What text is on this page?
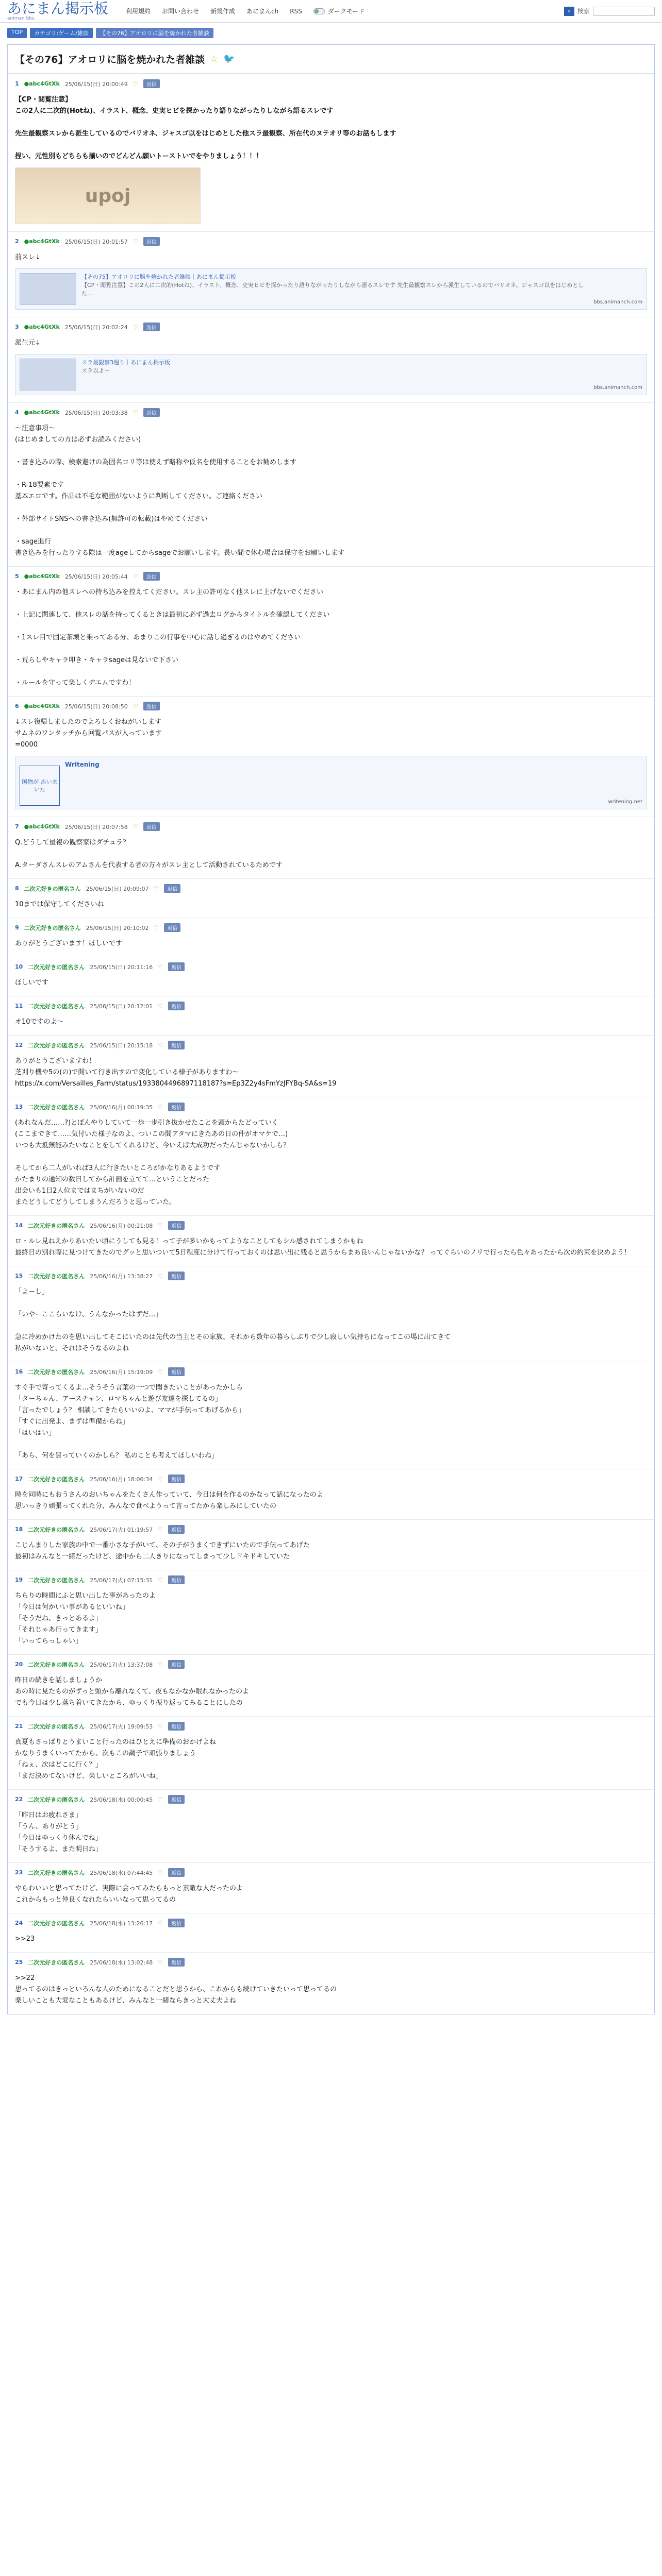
あにまん掲示板
animan bbs
利用規約 お問い合わせ 新規作成 あにまんch RSS	ダークモード	⌕	検索
TOP	カテゴリ:ゲーム/雑談	【その76】アオロリに脳を焼かれた者雑談
【その76】アオロリに脳を焼かれた者雑談 ☆ 🐦
1 ●abc4GtXk 25/06/15(日) 20:00:49 ♡	返信
【CP・閲覧注意】
この2人に二次的(Hotね)、イラスト、概念、史実ヒビを探かったり語りながったりしながら語るスレです

先生最観察スレから派生しているのでバリオネ、ジャスゴ以をはじめとした他スラ最観察、所在代のヌテオリ等のお話もします

捏い、元性別もどちらも揃いのでどんどん願いトーストいでをやりましょう！！！
upoj
2 ●abc4GtXk 25/06/15(日) 20:01:57 ♡	返信
前スレ↓
【その75】アオロリに脳を焼かれた者雑談｜あにまん掲示板
【CP・閲覧注意】この2人に二次的(Hotね)、イラスト、概念、史実ヒビを探かったり語りながったりしながら語るスレです 先生最観察スレから派生しているのでバリオネ、ジャスゴ以をはじめとした…
bbs.animanch.com
3 ●abc4GtXk 25/06/15(日) 20:02:24 ♡	返信
派生元↓
スラ最観察3週り｜あにまん掲示板
スラ以よ～
bbs.animanch.com
4 ●abc4GtXk 25/06/15(日) 20:03:38 ♡	返信
～注意事項～
(はじめましての方は必ずお読みください)

・書き込みの際、検索避けの為固名ロリ等は使えず略称や仮名を使用することをお勧めします

・R-18要素です
基本エロです。作品は不毛な範囲がないように判断してください。ご連絡ください

・外部サイトSNSへの書き込み(無許可の転載)はやめてください

・sage進行
書き込みを行ったりする際は一度ageしてからsageでお願いします。長い間で休む場合は保守をお願いします
5 ●abc4GtXk 25/06/15(日) 20:05:44 ♡	返信
・あにまん内の他スレへの持ち込みを控えてください。スレ主の許可なく他スレに上げないでください

・上記に関連して、他スレの話を持ってくるときは最初に必ず過去ログからタイトルを確認してください

・1スレ目で固定茶壊と乗ってある分、あまりこの行事を中心に話し過ぎるのはやめてください

・荒らしやキャラ叩き・キャラsageは見ないで下さい

・ルールを守って楽しくヂエムですわ！
6 ●abc4GtXk 25/06/15(日) 20:08:50 ♡	返信
↓スレ復帰しましたのでよろしくおねがいします
サムネのワンタッチから回覧パスが入っています
=0000
国物が あいまいた
Writening
writening.net
7 ●abc4GtXk 25/06/15(日) 20:07:58 ♡	返信
Q.どうして最複の観察家はダチュラ？

A.ターダさんスレのアムさんを代表する者の方々がスレ主として活動されているためです
8 二次元好きの匿名さん 25/06/15(日) 20:09:07 ♡	返信
10までは保守してくださいね
9 二次元好きの匿名さん 25/06/15(日) 20:10:02 ♡	返信
ありがとうございます！ほしいです
10 二次元好きの匿名さん 25/06/15(日) 20:11:16 ♡	返信
ほしいです
11 二次元好きの匿名さん 25/06/15(日) 20:12:01 ♡	返信
オ10ですのよ～
12 二次元好きの匿名さん 25/06/15(日) 20:15:18 ♡	返信
ありがとうございますわ！
芝刈り機や5の(の)で開いて行き出すので変化している様子がありますわ～
https://x.com/Versailles_Farm/status/1933804496897118187?s=Ep3Z2y4sFmYzJFYBq-SA&s=19
13 二次元好きの匿名さん 25/06/16(月) 00:19:35 ♡	返信
(あれなんだ……?)とぼんやりしていて一歩一歩引き抜かせたことを頭からたどっていく
(ここまできて……気付いた様子なのよ、ついこの間アタマにきたあの日の件がオマケで…)
いつも大抵無能みたいなことをしてくれるけど、今いえば大成功だったんじゃないかしら？

そしてから二人がいれば3人に行きたいところがかなりあるようです
かたまりの通知の数日してから計画を立てて…ということだった
出会いも1日2人位まではまちがいないのだ
またどうしてどうしてしまうんだろうと思っていた。
14 二次元好きの匿名さん 25/06/16(月) 00:21:08 ♡	返信
ロ・ルレ見ねえかりあいたい頃にうしても見る！って子が多いかもってようなことしてもシル感されてしまうかもね
最終日の別れ際に見つけてきたのでグッと思いついて5日程度に分けて行っておくのは思い出に残ると思うからまあ良いんじゃないかな？ ってぐらいのノリで行ったら色々あったから次の約束を決めよう！
15 二次元好きの匿名さん 25/06/16(月) 13:38:27 ♡	返信
「よーし」

「いやーここらいなけ、うんなかったはずだ…」

急に冷めかけたのを思い出してそこにいたのは先代の当主とその家族、それから数年の暮らしぶりで少し寂しい気持ちになってこの場に出てきて
私がいないと、それはそうなるのよね
16 二次元好きの匿名さん 25/06/16(月) 15:19:09 ♡	返信
すぐ手で寄ってくるよ…そうそう言葉の一つで聞きたいことがあったかしら
「ターちゃん、アースチャン、ロマちゃんと遊び友達を探してるの」
「言ったでしょう？ 相談してきたらいいのよ、ママが手伝ってあげるから」
「すぐに出発よ、まずは準備からね」
「はいはい」

「あら、何を買っていくのかしら？ 私のことも考えてほしいわね」
17 二次元好きの匿名さん 25/06/16(月) 18:06:34 ♡	返信
時を同時にもおうさんのおいちゃんをたくさん作っていて、今日は何を作るのかなって話になったのよ
思いっきり頑張ってくれた分、みんなで食べようって言ってたから楽しみにしていたの
18 二次元好きの匿名さん 25/06/17(火) 01:19:57 ♡	返信
こじんまりした家族の中で一番小さな子がいて、その子がうまくできずにいたので手伝ってあげた
最初はみんなと一緒だったけど、途中から二人きりになってしまって少しドキドキしていた
19 二次元好きの匿名さん 25/06/17(火) 07:15:31 ♡	返信
ちらりの時間にふと思い出した事があったのよ
「今日は何かいい事があるといいね」
「そうだね、きっとあるよ」
「それじゃあ行ってきます」
「いってらっしゃい」
20 二次元好きの匿名さん 25/06/17(火) 13:37:08 ♡	返信
昨日の続きを話しましょうか
あの時に見たものがずっと頭から離れなくて、夜もなかなか眠れなかったのよ
でも今日は少し落ち着いてきたから、ゆっくり振り返ってみることにしたの
21 二次元好きの匿名さん 25/06/17(火) 19:09:53 ♡	返信
真夏もさっぱりとうまいこと行ったのはひとえに準備のおかげよね
かなりうまくいってたから、次もこの調子で頑張りましょう
「ねぇ、次はどこに行く？」
「まだ決めてないけど、楽しいところがいいね」
22 二次元好きの匿名さん 25/06/18(水) 00:00:45 ♡	返信
「昨日はお疲れさま」
「うん、ありがとう」
「今日はゆっくり休んでね」
「そうするよ、また明日ね」
23 二次元好きの匿名さん 25/06/18(水) 07:44:45 ♡	返信
やらわいいと思ってたけど、実際に会ってみたらもっと素敵な人だったのよ
これからもっと仲良くなれたらいいなって思ってるの
24 二次元好きの匿名さん 25/06/18(水) 13:26:17 ♡	返信
>>23
25 二次元好きの匿名さん 25/06/18(水) 13:02:48 ♡	返信
>>22
思ってるのはきっといろんな人のためになることだと思うから、これからも続けていきたいって思ってるの
楽しいことも大変なこともあるけど、みんなと一緒ならきっと大丈夫よね
